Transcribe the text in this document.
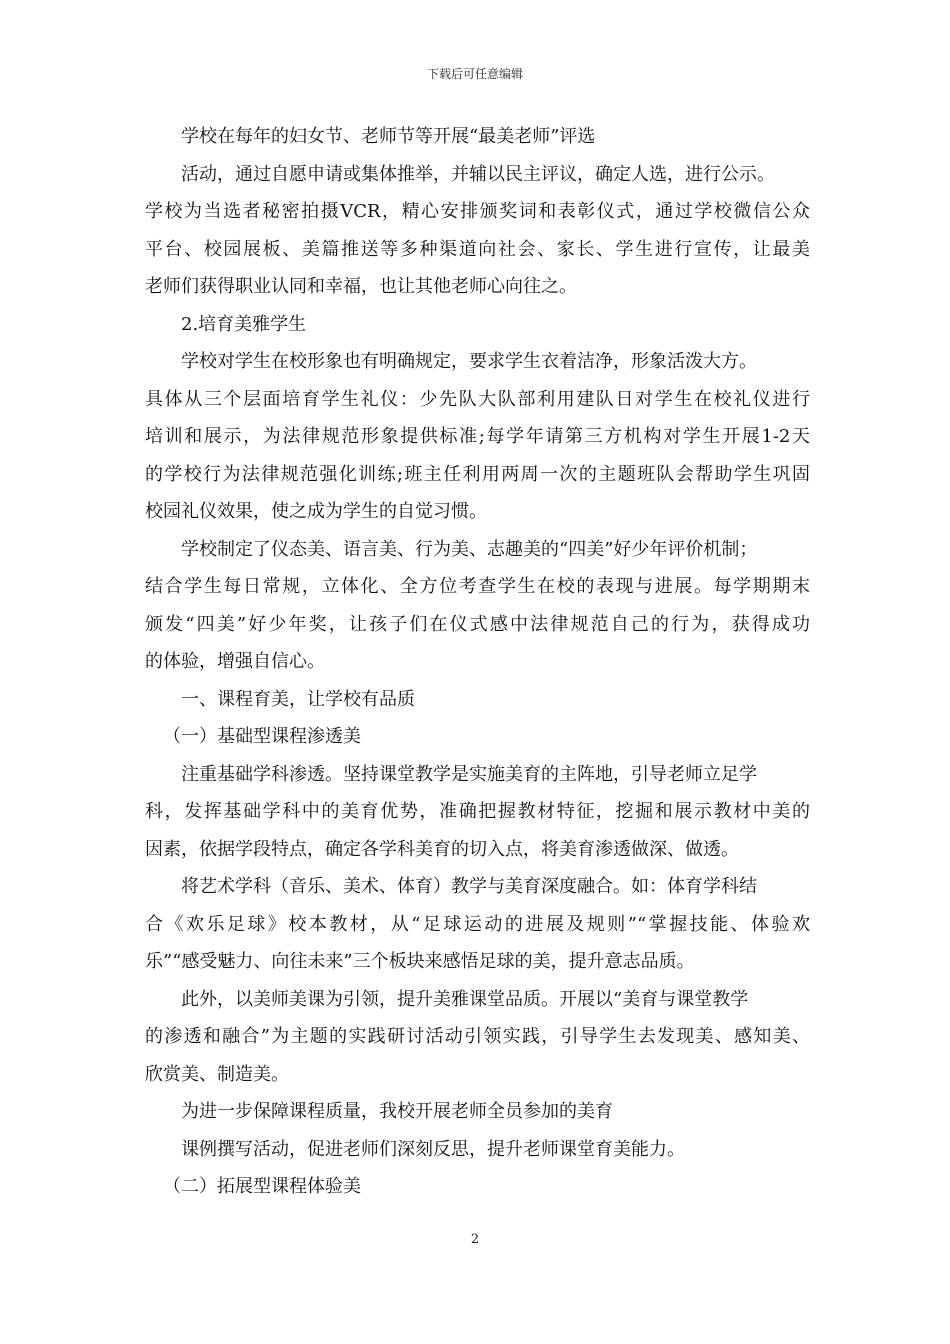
下载后可任意编辑
学校在每年的妇女节、老师节等开展“最美老师”评选
活动，通过自愿申请或集体推举，并辅以民主评议，确定人选，进行公示。
学校为当选者秘密拍摄VCR，精心安排颁奖词和表彰仪式，通过学校微信公众
平台、校园展板、美篇推送等多种渠道向社会、家长、学生进行宣传，让最美
老师们获得职业认同和幸福，也让其他老师心向往之。
2.培育美雅学生
学校对学生在校形象也有明确规定，要求学生衣着洁净，形象活泼大方。
具体从三个层面培育学生礼仪：少先队大队部利用建队日对学生在校礼仪进行
培训和展示，为法律规范形象提供标准;每学年请第三方机构对学生开展1-2天
的学校行为法律规范强化训练;班主任利用两周一次的主题班队会帮助学生巩固
校园礼仪效果，使之成为学生的自觉习惯。
学校制定了仪态美、语言美、行为美、志趣美的“四美”好少年评价机制；
结合学生每日常规，立体化、全方位考查学生在校的表现与进展。每学期期末
颁发“四美”好少年奖，让孩子们在仪式感中法律规范自己的行为，获得成功
的体验，增强自信心。
一、课程育美，让学校有品质
（一）基础型课程渗透美
注重基础学科渗透。坚持课堂教学是实施美育的主阵地，引导老师立足学
科，发挥基础学科中的美育优势，准确把握教材特征，挖掘和展示教材中美的
因素，依据学段特点，确定各学科美育的切入点，将美育渗透做深、做透。
将艺术学科（音乐、美术、体育）教学与美育深度融合。如：体育学科结
合《欢乐足球》校本教材，从“足球运动的进展及规则”“掌握技能、体验欢
乐”“感受魅力、向往未来”三个板块来感悟足球的美，提升意志品质。
此外，以美师美课为引领，提升美雅课堂品质。开展以“美育与课堂教学
的渗透和融合”为主题的实践研讨活动引领实践，引导学生去发现美、感知美、
欣赏美、制造美。
为进一步保障课程质量，我校开展老师全员参加的美育
课例撰写活动，促进老师们深刻反思，提升老师课堂育美能力。
（二）拓展型课程体验美
2
